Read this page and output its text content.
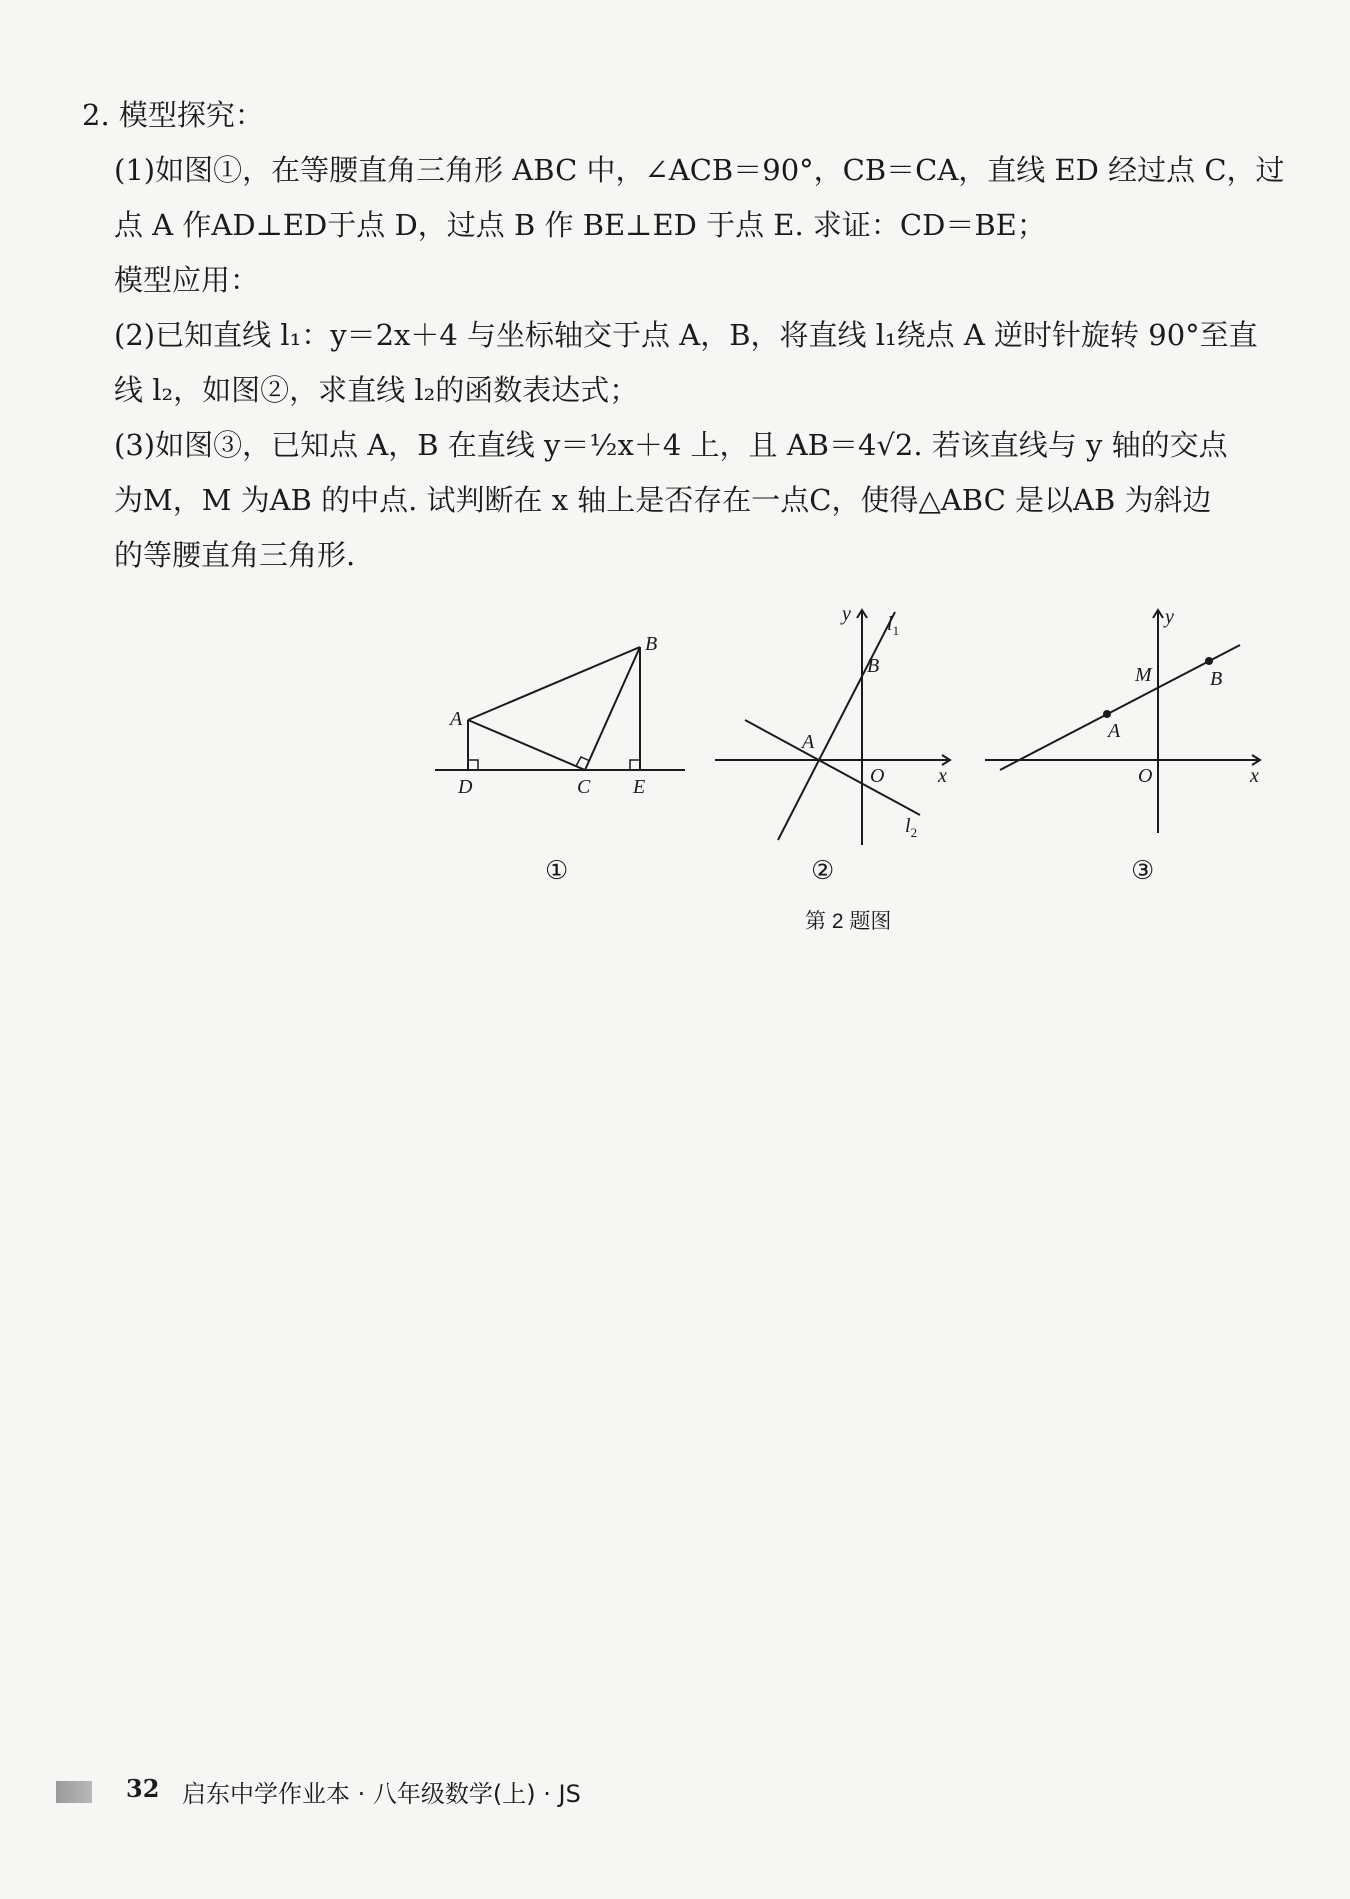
2. 模型探究：
(1)如图①，在等腰直角三角形 ABC 中，∠ACB＝90°，CB＝CA，直线 ED 经过点 C，过
点 A 作AD⊥ED于点 D，过点 B 作 BE⊥ED 于点 E. 求证：CD＝BE；
模型应用：
(2)已知直线 l₁：y＝2x＋4 与坐标轴交于点 A，B，将直线 l₁绕点 A 逆时针旋转 90°至直
线 l₂，如图②，求直线 l₂的函数表达式；
(3)如图③，已知点 A，B 在直线 y＝½x＋4 上，且 AB＝4√2. 若该直线与 y 轴的交点
为M，M 为AB 的中点. 试判断在 x 轴上是否存在一点C，使得△ABC 是以AB 为斜边
的等腰直角三角形.
A
B
C
D	E
y
x
O
A
B
$l_1$
$l_2$
y
x
O
A
B
M
①	②	③
第 2 题图
32 启东中学作业本 · 八年级数学(上) · JS
